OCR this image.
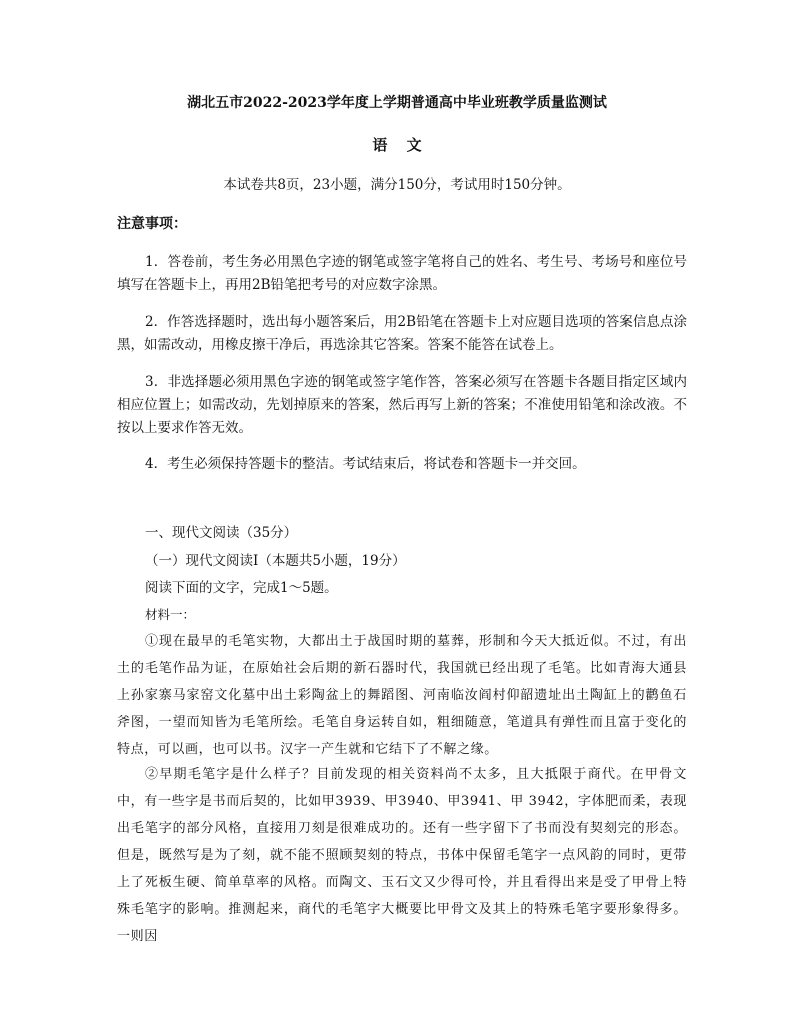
湖北五市2022-2023学年度上学期普通高中毕业班教学质量监测试
语 文
本试卷共8页，23小题，满分150分，考试用时150分钟。
注意事项：
1．答卷前，考生务必用黑色字迹的钢笔或签字笔将自己的姓名、考生号、考场号和座位号填写在答题卡上，再用2B铅笔把考号的对应数字涂黑。
2．作答选择题时，选出每小题答案后，用2B铅笔在答题卡上对应题目选项的答案信息点涂黑，如需改动，用橡皮擦干净后，再选涂其它答案。答案不能答在试卷上。
3．非选择题必须用黑色字迹的钢笔或签字笔作答，答案必须写在答题卡各题目指定区域内相应位置上；如需改动，先划掉原来的答案，然后再写上新的答案；不准使用铅笔和涂改液。不按以上要求作答无效。
4．考生必须保持答题卡的整洁。考试结束后，将试卷和答题卡一并交回。
一、现代文阅读（35分）
（一）现代文阅读Ⅰ（本题共5小题，19分）
阅读下面的文字，完成1～5题。
材料一：
①现在最早的毛笔实物，大都出土于战国时期的墓葬，形制和今天大抵近似。不过，有出土的毛笔作品为证，在原始社会后期的新石器时代，我国就已经出现了毛笔。比如青海大通县上孙家寨马家窑文化墓中出土彩陶盆上的舞蹈图、河南临汝阎村仰韶遗址出土陶缸上的鹳鱼石斧图，一望而知皆为毛笔所绘。毛笔自身运转自如，粗细随意，笔道具有弹性而且富于变化的特点，可以画，也可以书。汉字一产生就和它结下了不解之缘。
②早期毛笔字是什么样子？目前发现的相关资料尚不太多，且大抵限于商代。在甲骨文中，有一些字是书而后契的，比如甲3939、甲3940、甲3941、甲 3942，字体肥而柔，表现出毛笔字的部分风格，直接用刀刻是很难成功的。还有一些字留下了书而没有契刻完的形态。但是，既然写是为了刻，就不能不照顾契刻的特点，书体中保留毛笔字一点风韵的同时，更带上了死板生硬、简单草率的风格。而陶文、玉石文又少得可怜，并且看得出来是受了甲骨上特殊毛笔字的影响。推测起来，商代的毛笔字大概要比甲骨文及其上的特殊毛笔字要形象得多。一则因
